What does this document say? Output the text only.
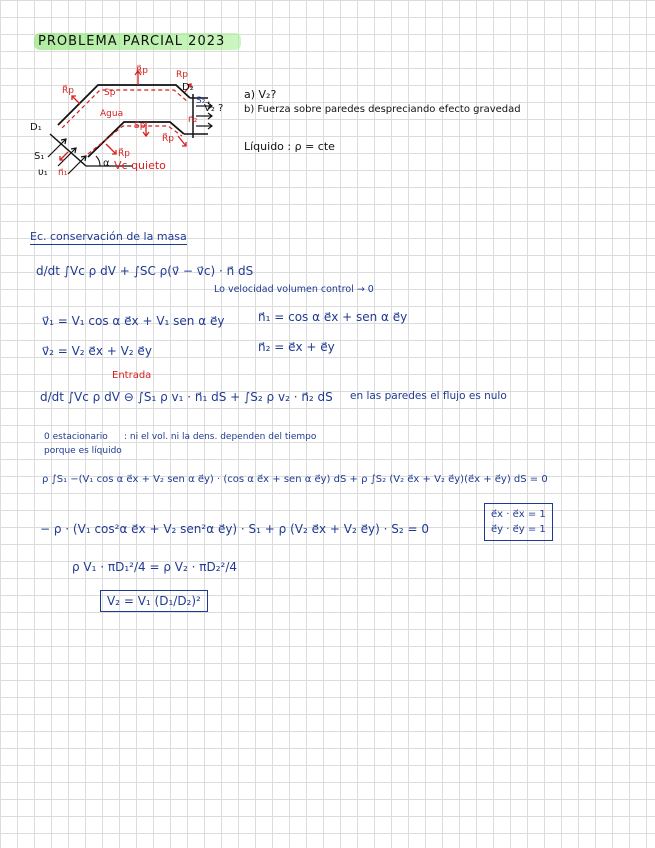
PROBLEMA PARCIAL 2023
R⃗p
R⃗p
Rp
Sp
Sp
Agua
R⃗p
R⃗p
n⃗₂
D₂
S₂
V⃗₂ ?
D₁
S₁
υ₁ n⃗₁
α Vc quieto
a) V₂?
b) Fuerza sobre paredes despreciando efecto gravedad
Líquido : ρ = cte
Ec. conservación de la masa
d/dt ∫Vc ρ dV + ∫SC ρ(v⃗ − v⃗c) · n⃗ dS
Lo velocidad volumen control → 0
v⃗₁ = V₁ cos α e⃗x + V₁ sen α e⃗y	n⃗₁ = cos α e⃗x + sen α e⃗y
v⃗₂ = V₂ e⃗x + V₂ e⃗y	n⃗₂ = e⃗x + e⃗y
Entrada
d/dt ∫Vc ρ dV ⊖ ∫S₁ ρ v₁ · n⃗₁ dS + ∫S₂ ρ v₂ · n⃗₂ dS en las paredes el flujo es nulo
0 estacionario
porque es líquido
: ni el vol. ni la dens. dependen del tiempo
ρ ∫S₁ −(V₁ cos α e⃗x + V₂ sen α e⃗y) · (cos α e⃗x + sen α e⃗y) dS + ρ ∫S₂ (V₂ e⃗x + V₂ e⃗y)(e⃗x + e⃗y) dS = 0
e⃗x · e⃗x = 1
e⃗y · e⃗y = 1
− ρ · (V₁ cos²α e⃗x + V₂ sen²α e⃗y) · S₁ + ρ (V₂ e⃗x + V₂ e⃗y) · S₂ = 0
ρ V₁ · πD₁²/4 = ρ V₂ · πD₂²/4
V₂ = V₁ (D₁/D₂)²
